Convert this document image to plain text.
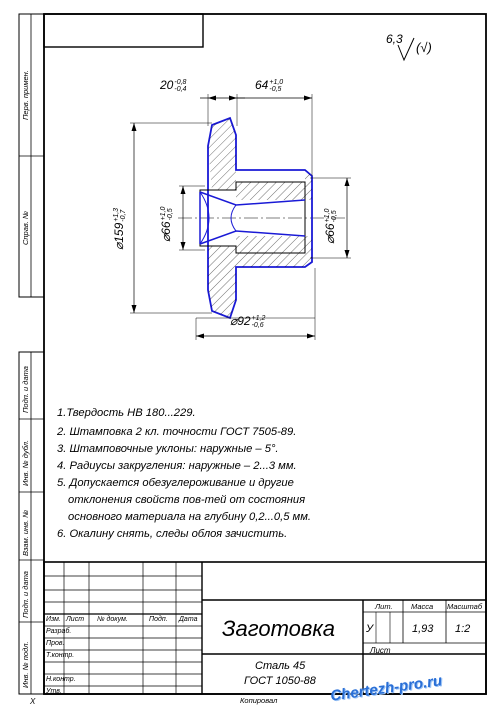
6,3
(√)
20 -0,8
-0,4	64 +1,0
-0,5
⌀159
+1,3 -0,7
⌀66
+1,0 -0,5
⌀66
+1,0 -0,5
⌀92 +1,2
-0,6
1.Твердость НВ 180...229.
2. Штамповка 2 кл. точности ГОСТ 7505-89.
3. Штамповочные уклоны: наружные – 5°.
4. Радиусы закругления: наружные – 2...3 мм.
5. Допускается обезуглероживание и другие
отклонения свойств пов-тей от состояния
основного материала на глубину 0,2...0,5 мм.
6. Окалину снять, следы облоя зачистить.
Перв. примен.
Справ. №
Подп. и дата
Инв. № дубл.
Взам. инв. №
Подп. и дата
Инв. № подл.
Изм. Лист № докум.	Подп. Дата
Разраб.
Пров.
Т.контр.
Н.контр.
Утв.
Заготовка
Сталь 45
ГОСТ 1050-88
Лит. Масса Масштаб
У	1,93 1:2
Лист
Копировал
X	Chertezh-pro.ru
